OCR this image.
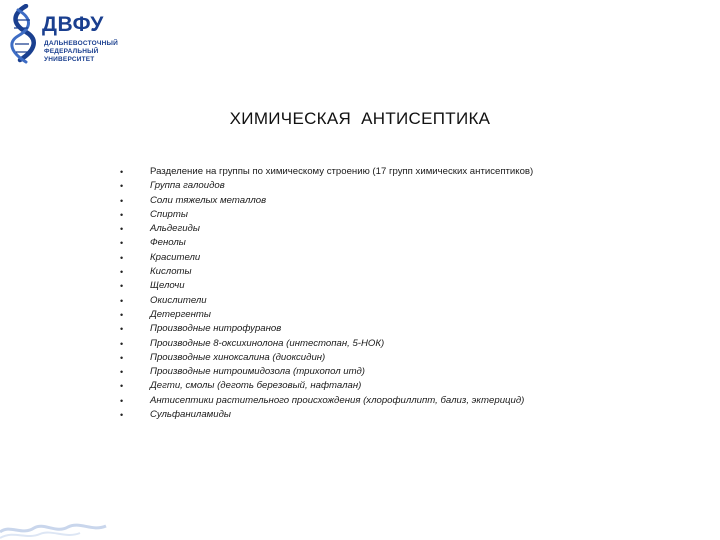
ДВФУ
ДАЛЬНЕВОСТОЧНЫЙ
ФЕДЕРАЛЬНЫЙ
УНИВЕРСИТЕТ
ХИМИЧЕСКАЯ  АНТИСЕПТИКА
•	Разделение на группы по химическому строению (17 групп химических антисептиков)
•	Группа галоидов
•	Соли тяжелых металлов
•	Спирты
•	Альдегиды
•	Фенолы
•	Красители
•	Кислоты
•	Щелочи
•	Окислители
•	Детергенты
•	Производные нитрофуранов
•	Производные 8-оксихинолона (интестопан, 5-НОК)
•	Производные хиноксалина (диоксидин)
•	Производные нитроимидозола (трихопол итд)
•	Дегти, смолы (деготь березовый, нафталан)
•	Антисептики растительного происхождения (хлорофиллипт, бализ, эктерицид)
•	Сульфаниламиды
